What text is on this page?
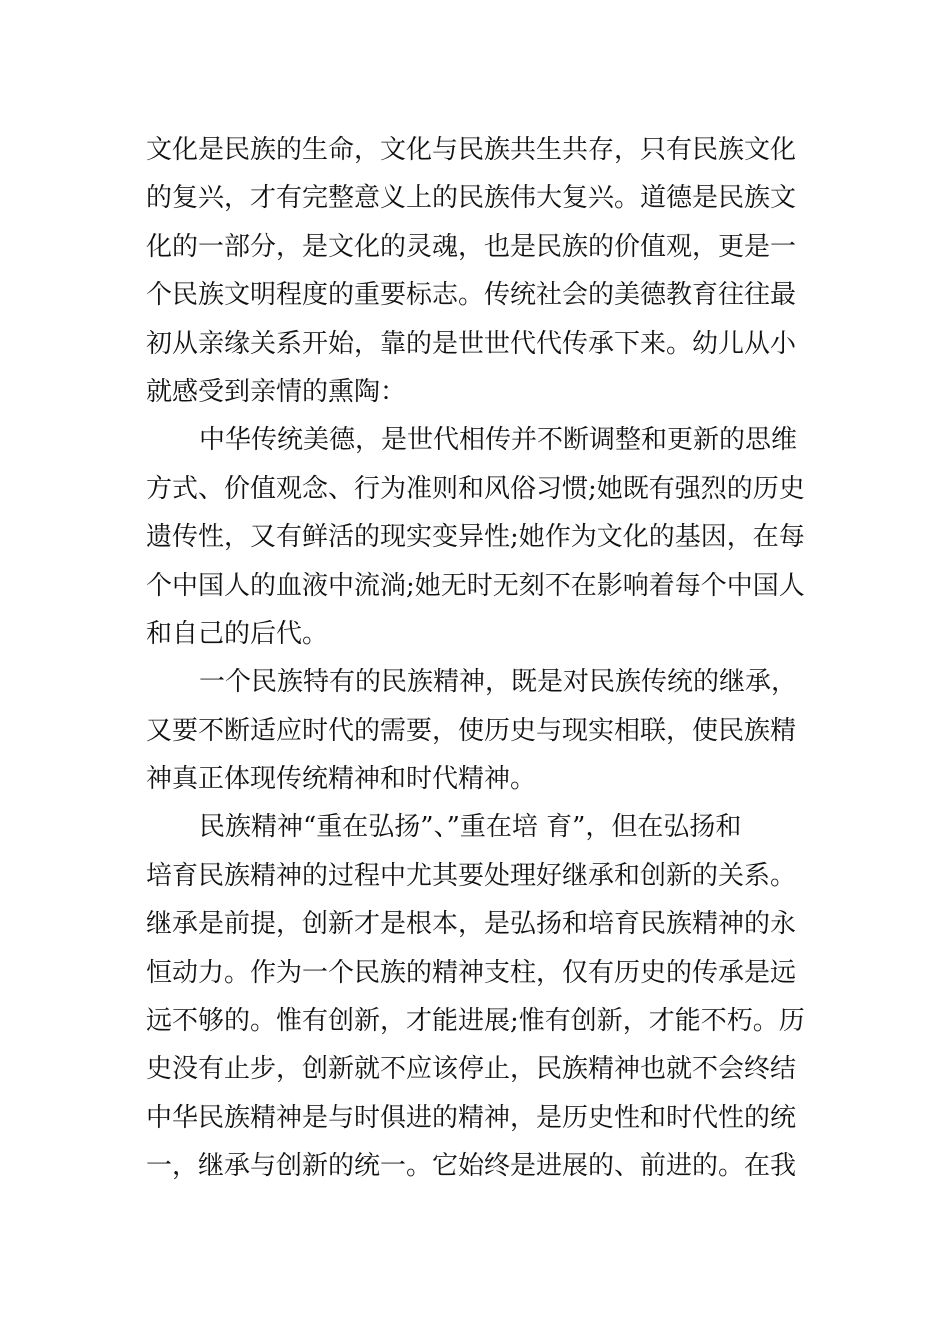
文化是民族的生命，文化与民族共生共存，只有民族文化
的复兴，才有完整意义上的民族伟大复兴。道德是民族文
化的一部分，是文化的灵魂，也是民族的价值观，更是一
个民族文明程度的重要标志。传统社会的美德教育往往最
初从亲缘关系开始，靠的是世世代代传承下来。幼儿从小
就感受到亲情的熏陶：
中华传统美德，是世代相传并不断调整和更新的思维
方式、价值观念、行为准则和风俗习惯;她既有强烈的历史
遗传性，又有鲜活的现实变异性;她作为文化的基因，在每
个中国人的血液中流淌;她无时无刻不在影响着每个中国人
和自己的后代。
一个民族特有的民族精神，既是对民族传统的继承，
又要不断适应时代的需要，使历史与现实相联，使民族精
神真正体现传统精神和时代精神。
民族精神“重在弘扬”、”重在培 育”，但在弘扬和
培育民族精神的过程中尤其要处理好继承和创新的关系。
继承是前提，创新才是根本，是弘扬和培育民族精神的永
恒动力。作为一个民族的精神支柱，仅有历史的传承是远
远不够的。惟有创新，才能进展;惟有创新，才能不朽。历
史没有止步，创新就不应该停止，民族精神也就不会终结
中华民族精神是与时俱进的精神，是历史性和时代性的统
一，继承与创新的统一。它始终是进展的、前进的。在我
